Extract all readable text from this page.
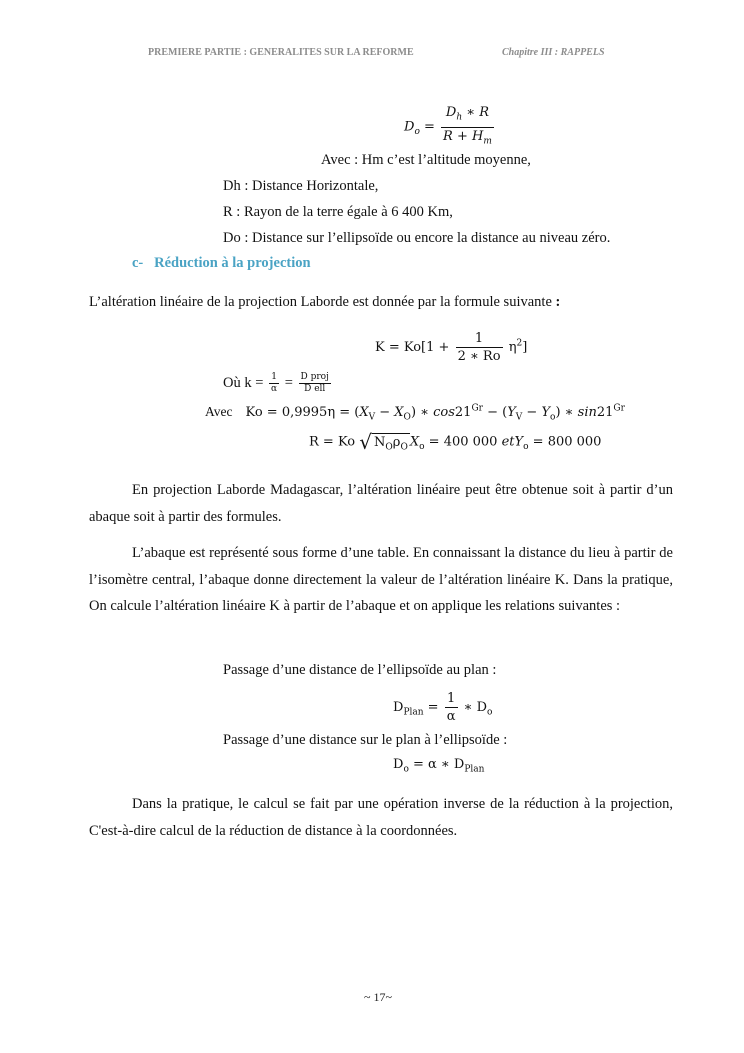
PREMIERE PARTIE : GENERALITES SUR LA REFORME	Chapitre III : RAPPELS
$D_o = \frac{D_h ∗ R}{R + H_m}$
Avec : Hm c’est l’altitude moyenne,
Dh : Distance Horizontale,
R : Rayon de la terre égale à 6 400 Km,
Do : Distance sur l’ellipsoïde ou encore la distance au niveau zéro.
c- Réduction à la projection
L’altération linéaire de la projection Laborde est donnée par la formule suivante :
$K = Ko[1 + \frac{1}{2 ∗ Ro} \eta^2]$
Où $k = \frac{1}{\alpha} = \frac{\text{D proj}}{\text{D ell}}$
Avec $Ko = 0,9995\eta = (X_V - X_O)$ ∗ $\cos 21^{Gr} - (Y_V - Y_o)$ ∗ $\sin 21^{Gr}$
R = Ko √ $N_O\rho_O$ $X_o = 400$ 000 etY$_o$ = 800 000

En projection Laborde Madagascar, l’altération linéaire peut être obtenue soit à partir d’un abaque soit à partir des formules.

L’abaque est représenté sous forme d’une table. En connaissant la distance du lieu à partir de l’isomètre central, l’abaque donne directement la valeur de l’altération linéaire K. Dans la pratique, On calcule l’altération linéaire K à partir de l’abaque et on applique les relations suivantes :

Passage d’une distance de l’ellipsoïde au plan :
$D_{Plan} = \frac{1}{\alpha}$ ∗ $D_o$
Passage d’une distance sur le plan à l’ellipsoïde :
$D_o = \alpha$ ∗ $D_{Plan}$

Dans la pratique, le calcul se fait par une opération inverse de la réduction à la projection, C'est-à-dire calcul de la réduction de distance à la coordonnées.

~ 17~
